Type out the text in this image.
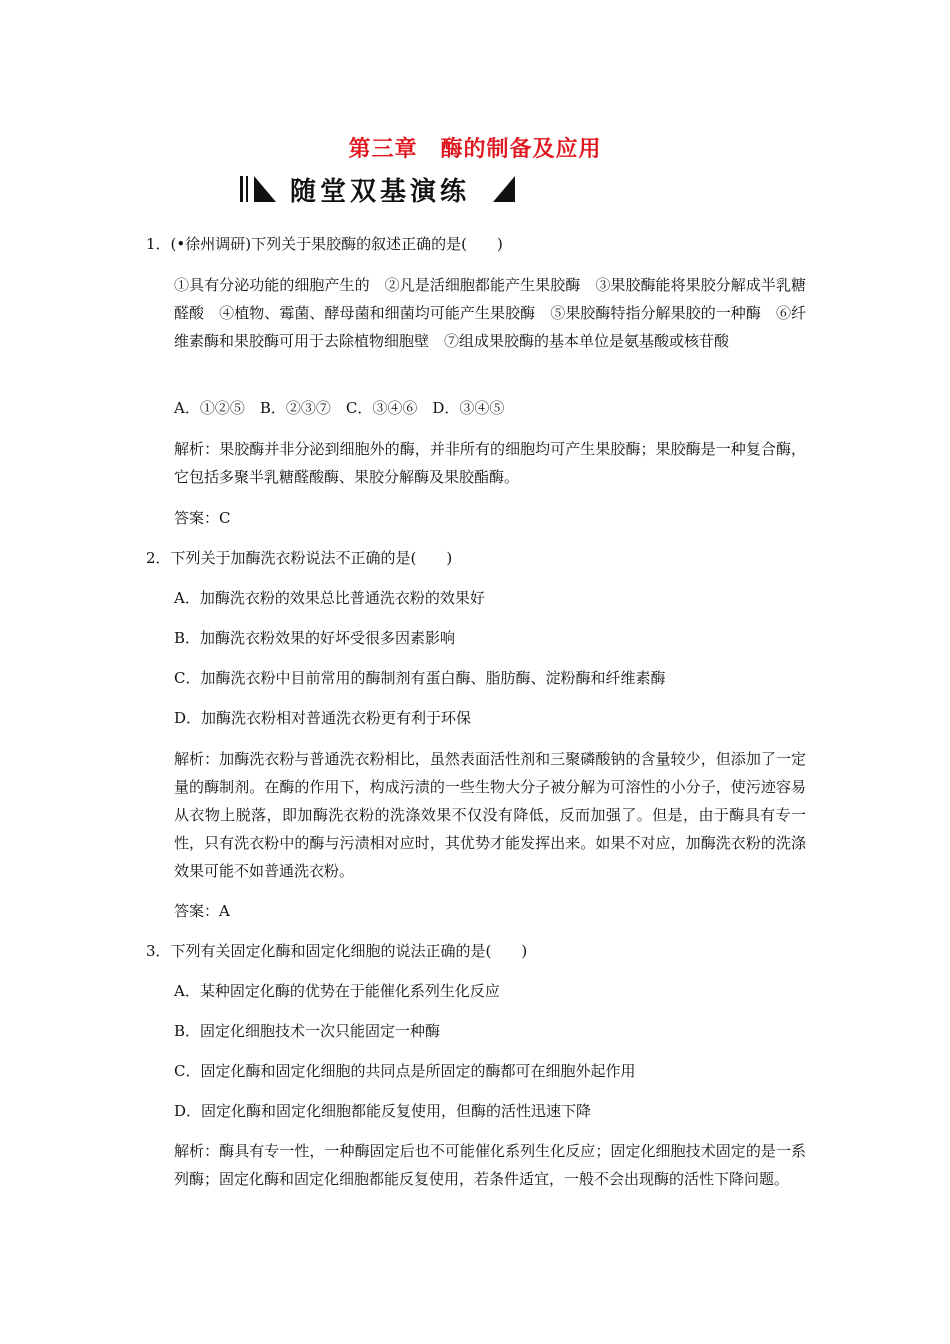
第三章　酶的制备及应用
随堂双基演练
1．(•徐州调研)下列关于果胶酶的叙述正确的是(　　)
①具有分泌功能的细胞产生的　②凡是活细胞都能产生果胶酶　③果胶酶能将果胶分解成半乳糖醛酸　④植物、霉菌、酵母菌和细菌均可能产生果胶酶　⑤果胶酶特指分解果胶的一种酶　⑥纤维素酶和果胶酶可用于去除植物细胞壁　⑦组成果胶酶的基本单位是氨基酸或核苷酸
A．①②⑤　B．②③⑦　C．③④⑥　D．③④⑤
解析：果胶酶并非分泌到细胞外的酶，并非所有的细胞均可产生果胶酶；果胶酶是一种复合酶，它包括多聚半乳糖醛酸酶、果胶分解酶及果胶酯酶。
答案：C
2．下列关于加酶洗衣粉说法不正确的是(　　)
A．加酶洗衣粉的效果总比普通洗衣粉的效果好
B．加酶洗衣粉效果的好坏受很多因素影响
C．加酶洗衣粉中目前常用的酶制剂有蛋白酶、脂肪酶、淀粉酶和纤维素酶
D．加酶洗衣粉相对普通洗衣粉更有利于环保
解析：加酶洗衣粉与普通洗衣粉相比，虽然表面活性剂和三聚磷酸钠的含量较少，但添加了一定量的酶制剂。在酶的作用下，构成污渍的一些生物大分子被分解为可溶性的小分子，使污迹容易从衣物上脱落，即加酶洗衣粉的洗涤效果不仅没有降低，反而加强了。但是，由于酶具有专一性，只有洗衣粉中的酶与污渍相对应时，其优势才能发挥出来。如果不对应，加酶洗衣粉的洗涤效果可能不如普通洗衣粉。
答案：A
3．下列有关固定化酶和固定化细胞的说法正确的是(　　)
A．某种固定化酶的优势在于能催化系列生化反应
B．固定化细胞技术一次只能固定一种酶
C．固定化酶和固定化细胞的共同点是所固定的酶都可在细胞外起作用
D．固定化酶和固定化细胞都能反复使用，但酶的活性迅速下降
解析：酶具有专一性，一种酶固定后也不可能催化系列生化反应；固定化细胞技术固定的是一系列酶；固定化酶和固定化细胞都能反复使用，若条件适宜，一般不会出现酶的活性下降问题。
